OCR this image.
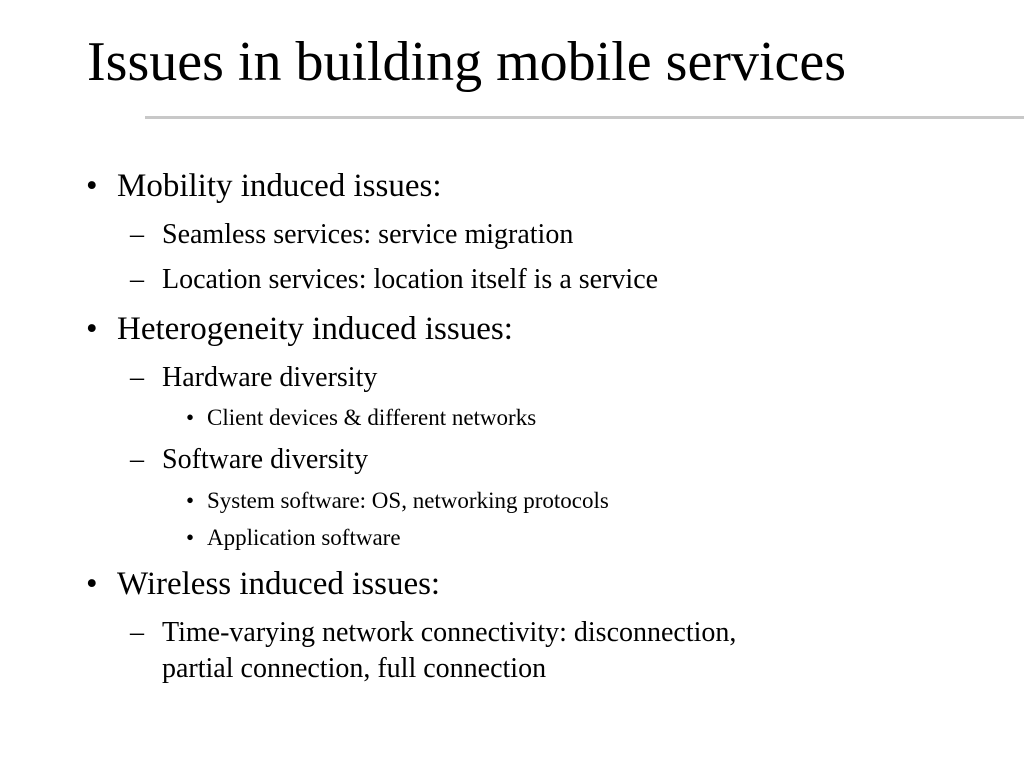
Issues in building mobile services
• Mobility induced issues:
– Seamless services: service migration
– Location services: location itself is a service
• Heterogeneity induced issues:
– Hardware diversity
• Client devices & different networks
– Software diversity
• System software: OS, networking protocols
• Application software
• Wireless induced issues:
– Time-varying network connectivity: disconnection,
partial connection, full connection
